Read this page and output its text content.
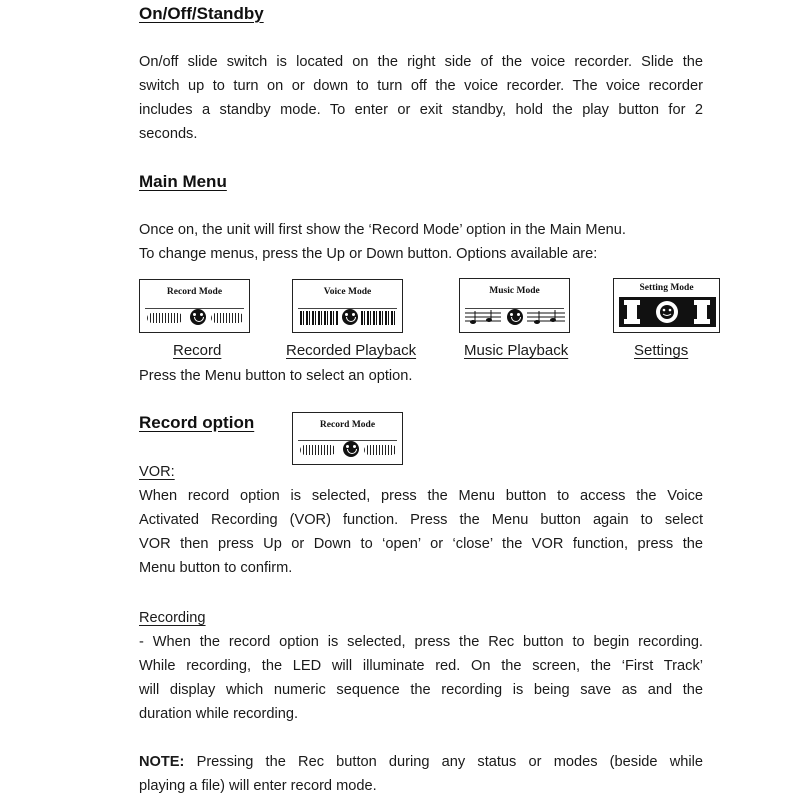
On/Off/Standby
On/off slide switch is located on the right side of the voice recorder. Slide the
switch up to turn on or down to turn off the voice recorder. The voice recorder
includes a standby mode. To enter or exit standby, hold the play button for 2
seconds.
Main Menu
Once on, the unit will first show the ‘Record Mode’ option in the Main Menu.
To change menus, press the Up or Down button. Options available are:
Record Mode	Voice Mode	Music Mode	Setting Mode
Record	Recorded Playback	Music Playback	Settings
Press the Menu button to select an option.
Record option	Record Mode
VOR:
When record option is selected, press the Menu button to access the Voice
Activated Recording (VOR) function. Press the Menu button again to select
VOR then press Up or Down to ‘open’ or ‘close’ the VOR function, press the
Menu button to confirm.
Recording
- When the record option is selected, press the Rec button to begin recording.
While recording, the LED will illuminate red. On the screen, the ‘First Track’
will display which numeric sequence the recording is being save as and the
duration while recording.
NOTE: Pressing the Rec button during any status or modes (beside while
playing a file) will enter record mode.
